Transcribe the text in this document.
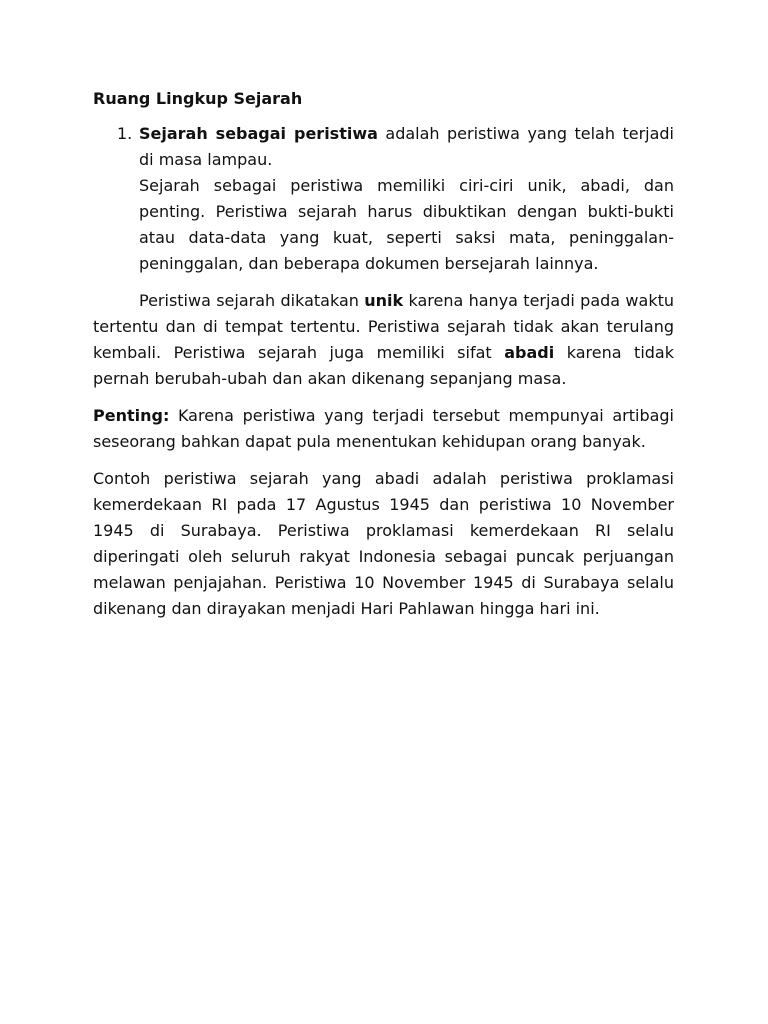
Ruang Lingkup Sejarah

1. Sejarah sebagai peristiwa adalah peristiwa yang telah terjadi di masa lampau.
Sejarah sebagai peristiwa memiliki ciri-ciri unik, abadi, dan penting. Peristiwa sejarah harus dibuktikan dengan bukti-bukti atau data-data yang kuat, seperti saksi mata, peninggalan-peninggalan, dan beberapa dokumen bersejarah lainnya.

Peristiwa sejarah dikatakan unik karena hanya terjadi pada waktu tertentu dan di tempat tertentu. Peristiwa sejarah tidak akan terulang kembali. Peristiwa sejarah juga memiliki sifat abadi karena tidak pernah berubah-ubah dan akan dikenang sepanjang masa.

Penting: Karena peristiwa yang terjadi tersebut mempunyai artibagi seseorang bahkan dapat pula menentukan kehidupan orang banyak.

Contoh peristiwa sejarah yang abadi adalah peristiwa proklamasi kemerdekaan RI pada 17 Agustus 1945 dan peristiwa 10 November 1945 di Surabaya. Peristiwa proklamasi kemerdekaan RI selalu diperingati oleh seluruh rakyat Indonesia sebagai puncak perjuangan melawan penjajahan. Peristiwa 10 November 1945 di Surabaya selalu dikenang dan dirayakan menjadi Hari Pahlawan hingga hari ini.
